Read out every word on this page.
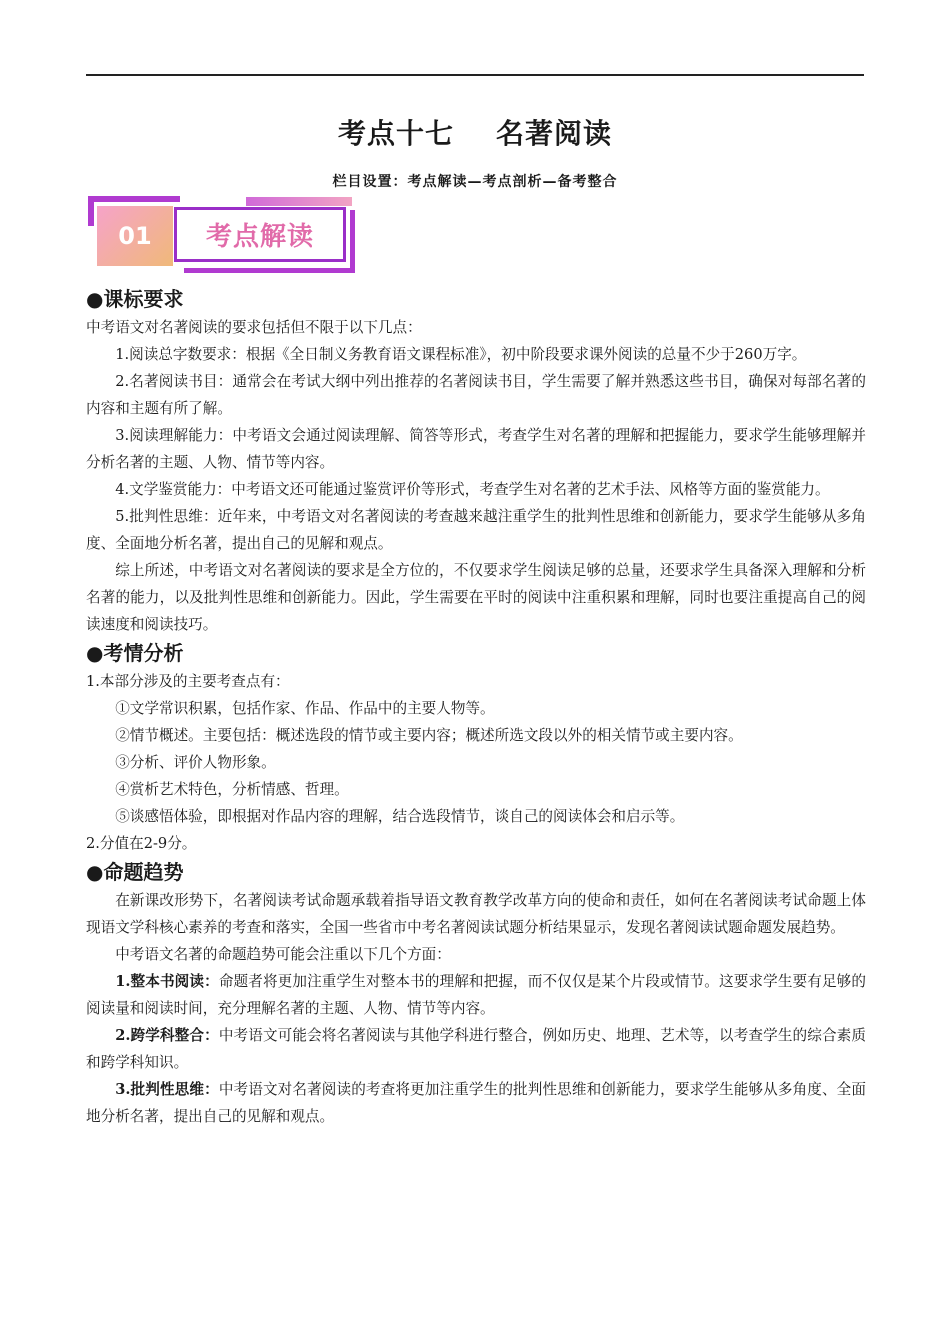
考点十七 名著阅读
栏目设置：考点解读—考点剖析—备考整合
01	考点解读

●课标要求

中考语文对名著阅读的要求包括但不限于以下几点：

1.阅读总字数要求：根据《全日制义务教育语文课程标准》，初中阶段要求课外阅读的总量不少于260万字。

2.名著阅读书目：通常会在考试大纲中列出推荐的名著阅读书目，学生需要了解并熟悉这些书目，确保对每部名著的内容和主题有所了解。

3.阅读理解能力：中考语文会通过阅读理解、简答等形式，考查学生对名著的理解和把握能力，要求学生能够理解并分析名著的主题、人物、情节等内容。

4.文学鉴赏能力：中考语文还可能通过鉴赏评价等形式，考查学生对名著的艺术手法、风格等方面的鉴赏能力。

5.批判性思维：近年来，中考语文对名著阅读的考查越来越注重学生的批判性思维和创新能力，要求学生能够从多角度、全面地分析名著，提出自己的见解和观点。

综上所述，中考语文对名著阅读的要求是全方位的，不仅要求学生阅读足够的总量，还要求学生具备深入理解和分析名著的能力，以及批判性思维和创新能力。因此，学生需要在平时的阅读中注重积累和理解，同时也要注重提高自己的阅读速度和阅读技巧。

●考情分析

1.本部分涉及的主要考查点有：

①文学常识积累，包括作家、作品、作品中的主要人物等。

②情节概述。主要包括：概述选段的情节或主要内容；概述所选文段以外的相关情节或主要内容。

③分析、评价人物形象。

④赏析艺术特色，分析情感、哲理。

⑤谈感悟体验，即根据对作品内容的理解，结合选段情节，谈自己的阅读体会和启示等。

2.分值在2-9分。

●命题趋势

在新课改形势下，名著阅读考试命题承载着指导语文教育教学改革方向的使命和责任，如何在名著阅读考试命题上体现语文学科核心素养的考查和落实，全国一些省市中考名著阅读试题分析结果显示，发现名著阅读试题命题发展趋势。

中考语文名著的命题趋势可能会注重以下几个方面：

1.整本书阅读：命题者将更加注重学生对整本书的理解和把握，而不仅仅是某个片段或情节。这要求学生要有足够的阅读量和阅读时间，充分理解名著的主题、人物、情节等内容。

2.跨学科整合：中考语文可能会将名著阅读与其他学科进行整合，例如历史、地理、艺术等，以考查学生的综合素质和跨学科知识。

3.批判性思维：中考语文对名著阅读的考查将更加注重学生的批判性思维和创新能力，要求学生能够从多角度、全面地分析名著，提出自己的见解和观点。
